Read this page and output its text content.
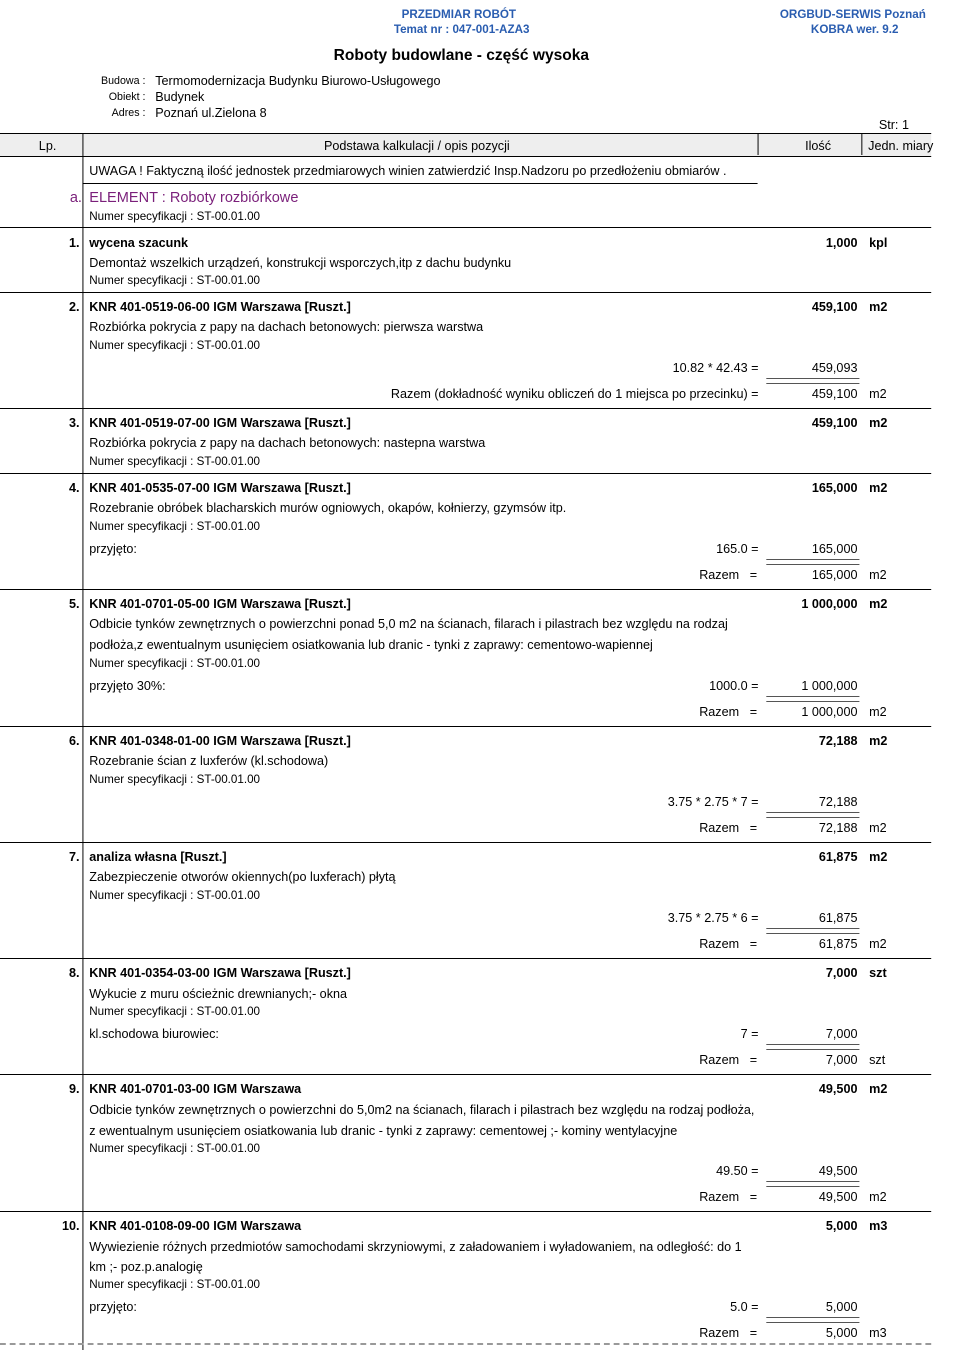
PRZEDMIAR ROBÓT
Temat nr : 047-001-AZA3
ORGBUD-SERWIS Poznań
KOBRA wer. 9.2
Roboty budowlane - część wysoka
Budowa : Termomodernizacja Budynku Biurowo-Usługowego
Obiekt : Budynek
Adres : Poznań ul.Zielona 8
Str: 1
Lp.	Podstawa kalkulacji / opis pozycji	Ilość	Jedn. miary
UWAGA ! Faktyczną ilość jednostek przedmiarowych winien zatwierdzić Insp.Nadzoru po przedłożeniu obmiarów .
a. ELEMENT : Roboty rozbiórkowe
Numer specyfikacji : ST-00.01.00
1. wycena szacunk	1,000 kpl
Demontaż wszelkich urządzeń, konstrukcji wsporczych,itp z dachu budynku
Numer specyfikacji : ST-00.01.00
2. KNR 401-0519-06-00 IGM Warszawa [Ruszt.]	459,100 m2
Rozbiórka pokrycia z papy na dachach betonowych: pierwsza warstwa
Numer specyfikacji : ST-00.01.00
10.82 * 42.43 =	459,093
Razem (dokładność wyniku obliczeń do 1 miejsca po przecinku) =	459,100 m2
3. KNR 401-0519-07-00 IGM Warszawa [Ruszt.]	459,100 m2
Rozbiórka pokrycia z papy na dachach betonowych: nastepna warstwa
Numer specyfikacji : ST-00.01.00
4. KNR 401-0535-07-00 IGM Warszawa [Ruszt.]	165,000 m2
Rozebranie obróbek blacharskich murów ogniowych, okapów, kołnierzy, gzymsów itp.
Numer specyfikacji : ST-00.01.00
przyjęto:	165.0 =	165,000
Razem =	165,000 m2
5. KNR 401-0701-05-00 IGM Warszawa [Ruszt.]	1 000,000 m2
Odbicie tynków zewnętrznych o powierzchni ponad 5,0 m2 na ścianach, filarach i pilastrach bez względu na rodzaj
podłoża,z ewentualnym usunięciem osiatkowania lub dranic - tynki z zaprawy: cementowo-wapiennej
Numer specyfikacji : ST-00.01.00
przyjęto 30%:	1000.0 =	1 000,000
Razem =	1 000,000 m2
6. KNR 401-0348-01-00 IGM Warszawa [Ruszt.]	72,188 m2
Rozebranie ścian z luxferów (kl.schodowa)
Numer specyfikacji : ST-00.01.00
3.75 * 2.75 * 7 =	72,188
Razem =	72,188 m2
7. analiza własna [Ruszt.]	61,875 m2
Zabezpieczenie otworów okiennych(po luxferach) płytą
Numer specyfikacji : ST-00.01.00
3.75 * 2.75 * 6 =	61,875
Razem =	61,875 m2
8. KNR 401-0354-03-00 IGM Warszawa [Ruszt.]	7,000 szt
Wykucie z muru ościeżnic drewnianych;- okna
Numer specyfikacji : ST-00.01.00
kl.schodowa biurowiec:	7 =	7,000
Razem =	7,000 szt
9. KNR 401-0701-03-00 IGM Warszawa	49,500 m2
Odbicie tynków zewnętrznych o powierzchni do 5,0m2 na ścianach, filarach i pilastrach bez względu na rodzaj podłoża,
z ewentualnym usunięciem osiatkowania lub dranic - tynki z zaprawy: cementowej ;- kominy wentylacyjne
Numer specyfikacji : ST-00.01.00
49.50 =	49,500
Razem =	49,500 m2
10. KNR 401-0108-09-00 IGM Warszawa	5,000 m3
Wywiezienie różnych przedmiotów samochodami skrzyniowymi, z załadowaniem i wyładowaniem, na odległość: do 1
km ;- poz.p.analogię
Numer specyfikacji : ST-00.01.00
przyjęto:	5.0 =	5,000
Razem =	5,000 m3
